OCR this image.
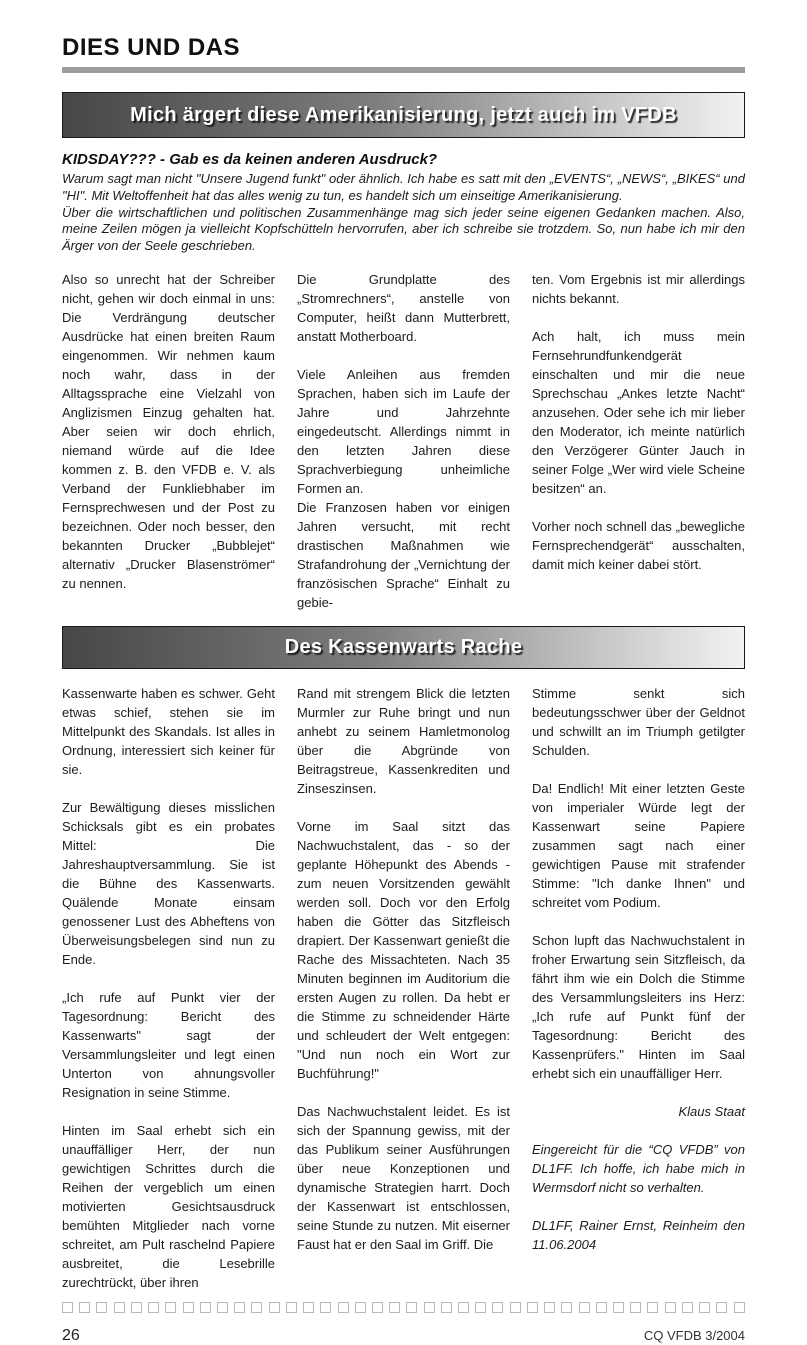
DIES UND DAS
Mich ärgert diese Amerikanisierung, jetzt auch im VFDB
KIDSDAY??? - Gab es da keinen anderen Ausdruck?

Warum sagt man nicht "Unsere Jugend funkt" oder ähnlich. Ich habe es satt mit den „EVENTS“, „NEWS“, „BIKES“ und "HI". Mit Weltoffenheit hat das alles wenig zu tun, es handelt sich um einseitige Amerikanisierung.

Über die wirtschaftlichen und politischen Zusammenhänge mag sich jeder seine eigenen Gedanken machen. Also, meine Zeilen mögen ja vielleicht Kopfschütteln hervorrufen, aber ich schreibe sie trotzdem. So, nun habe ich mir den Ärger von der Seele geschrieben.

Also so unrecht hat der Schreiber nicht, gehen wir doch einmal in uns: Die Verdrängung deutscher Ausdrücke hat einen breiten Raum eingenommen. Wir nehmen kaum noch wahr, dass in der Alltagssprache eine Vielzahl von Anglizismen Einzug gehalten hat. Aber seien wir doch ehrlich, niemand würde auf die Idee kommen z. B. den VFDB e. V. als Verband der Funkliebhaber im Fernsprechwesen und der Post zu bezeichnen. Oder noch besser, den bekannten Drucker „Bubblejet“ alternativ „Drucker Blasenströmer“ zu nennen.

Die Grundplatte des „Stromrechners“, anstelle von Computer, heißt dann Mutterbrett, anstatt Motherboard.

Viele Anleihen aus fremden Sprachen, haben sich im Laufe der Jahre und Jahrzehnte eingedeutscht. Allerdings nimmt in den letzten Jahren diese Sprachverbiegung unheimliche Formen an.

Die Franzosen haben vor einigen Jahren versucht, mit recht drastischen Maßnahmen wie Strafandrohung der „Vernichtung der französischen Sprache“ Einhalt zu gebie-

ten. Vom Ergebnis ist mir allerdings nichts bekannt.

Ach halt, ich muss mein Fernsehrundfunkendgerät einschalten und mir die neue Sprechschau „Ankes letzte Nacht“ anzusehen. Oder sehe ich mir lieber den Moderator, ich meinte natürlich den Verzögerer Günter Jauch in seiner Folge „Wer wird viele Scheine besitzen“ an.

Vorher noch schnell das „bewegliche Fernsprechendgerät“ ausschalten, damit mich keiner dabei stört.

Des Kassenwarts Rache

Kassenwarte haben es schwer. Geht etwas schief, stehen sie im Mittelpunkt des Skandals. Ist alles in Ordnung, interessiert sich keiner für sie.

Zur Bewältigung dieses misslichen Schicksals gibt es ein probates Mittel: Die Jahreshauptversammlung. Sie ist die Bühne des Kassenwarts. Quälende Monate einsam genossener Lust des Abheftens von Überweisungsbelegen sind nun zu Ende.

„Ich rufe auf Punkt vier der Tagesordnung: Bericht des Kassenwarts" sagt der Versammlungsleiter und legt einen Unterton von ahnungsvoller Resignation in seine Stimme.

Hinten im Saal erhebt sich ein unauffälliger Herr, der nun gewichtigen Schrittes durch die Reihen der vergeblich um einen motivierten Gesichtsausdruck bemühten Mitglieder nach vorne schreitet, am Pult raschelnd Papiere ausbreitet, die Lesebrille zurechtrückt, über ihren

Rand mit strengem Blick die letzten Murmler zur Ruhe bringt und nun anhebt zu seinem Hamletmonolog über die Abgründe von Beitragstreue, Kassenkrediten und Zinseszinsen.

Vorne im Saal sitzt das Nachwuchstalent, das - so der geplante Höhepunkt des Abends - zum neuen Vorsitzenden gewählt werden soll. Doch vor den Erfolg haben die Götter das Sitzfleisch drapiert. Der Kassenwart genießt die Rache des Missachteten. Nach 35 Minuten beginnen im Auditorium die ersten Augen zu rollen. Da hebt er die Stimme zu schneidender Härte und schleudert der Welt entgegen: "Und nun noch ein Wort zur Buchführung!"

Das Nachwuchstalent leidet. Es ist sich der Spannung gewiss, mit der das Publikum seiner Ausführungen über neue Konzeptionen und dynamische Strategien harrt. Doch der Kassenwart ist entschlossen, seine Stunde zu nutzen. Mit eiserner Faust hat er den Saal im Griff. Die

Stimme senkt sich bedeutungsschwer über der Geldnot und schwillt an im Triumph getilgter Schulden.

Da! Endlich! Mit einer letzten Geste von imperialer Würde legt der Kassenwart seine Papiere zusammen sagt nach einer gewichtigen Pause mit strafender Stimme: "Ich danke Ihnen" und schreitet vom Podium.

Schon lupft das Nachwuchstalent in froher Erwartung sein Sitzfleisch, da fährt ihm wie ein Dolch die Stimme des Versammlungsleiters ins Herz: „Ich rufe auf Punkt fünf der Tagesordnung: Bericht des Kassenprüfers." Hinten im Saal erhebt sich ein unauffälliger Herr.

Klaus Staat

Eingereicht für die “CQ VFDB” von DL1FF. Ich hoffe, ich habe mich in Wermsdorf nicht so verhalten.

DL1FF, Rainer Ernst, Reinheim den 11.06.2004

26	CQ VFDB 3/2004
